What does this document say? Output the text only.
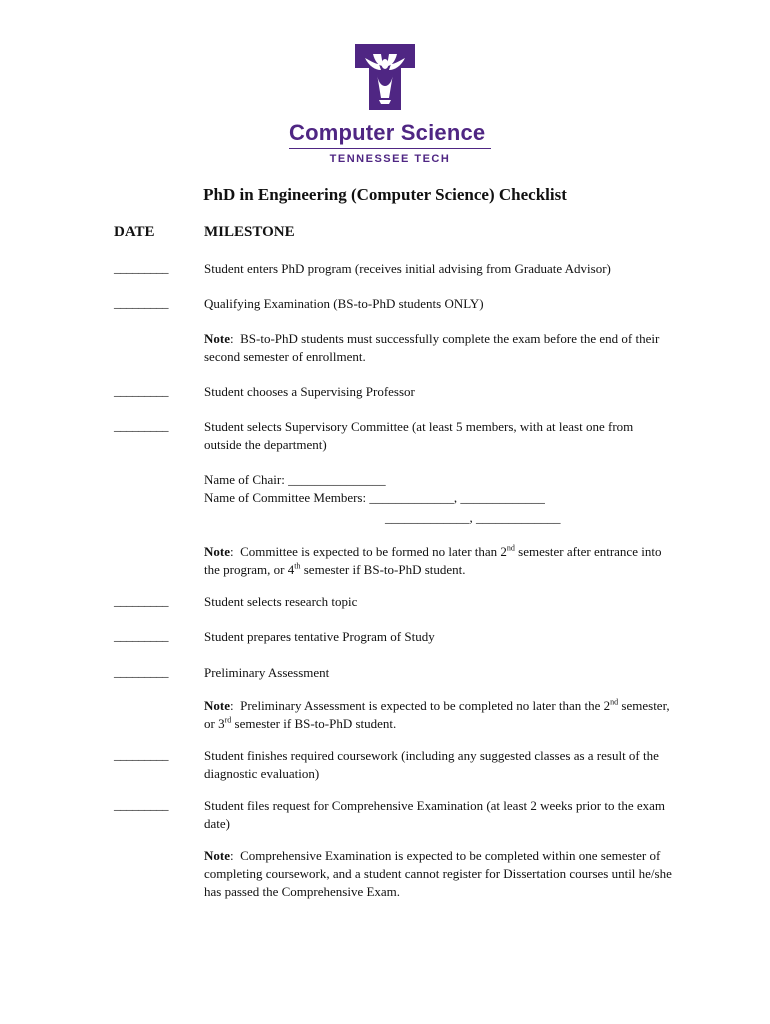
Computer Science
TENNESSEE TECH
PhD in Engineering (Computer Science) Checklist
DATE	MILESTONE
_________	Student enters PhD program (receives initial advising from Graduate Advisor)
_________	Qualifying Examination (BS-to-PhD students ONLY)
Note:  BS-to-PhD students must successfully complete the exam before the end of their second semester of enrollment.
_________	Student chooses a Supervising Professor
_________	Student selects Supervisory Committee (at least 5 members, with at least one from outside the department)
Name of Chair: _______________
Name of Committee Members: _____________, _____________
_____________, _____________
Note:  Committee is expected to be formed no later than 2nd semester after entrance into the program, or 4th semester if BS-to-PhD student.
_________	Student selects research topic
_________	Student prepares tentative Program of Study
_________	Preliminary Assessment
Note:  Preliminary Assessment is expected to be completed no later than the 2nd semester, or 3rd semester if BS-to-PhD student.
_________	Student finishes required coursework (including any suggested classes as a result of the diagnostic evaluation)
_________	Student files request for Comprehensive Examination (at least 2 weeks prior to the exam date)
Note:  Comprehensive Examination is expected to be completed within one semester of completing coursework, and a student cannot register for Dissertation courses until he/she has passed the Comprehensive Exam.
